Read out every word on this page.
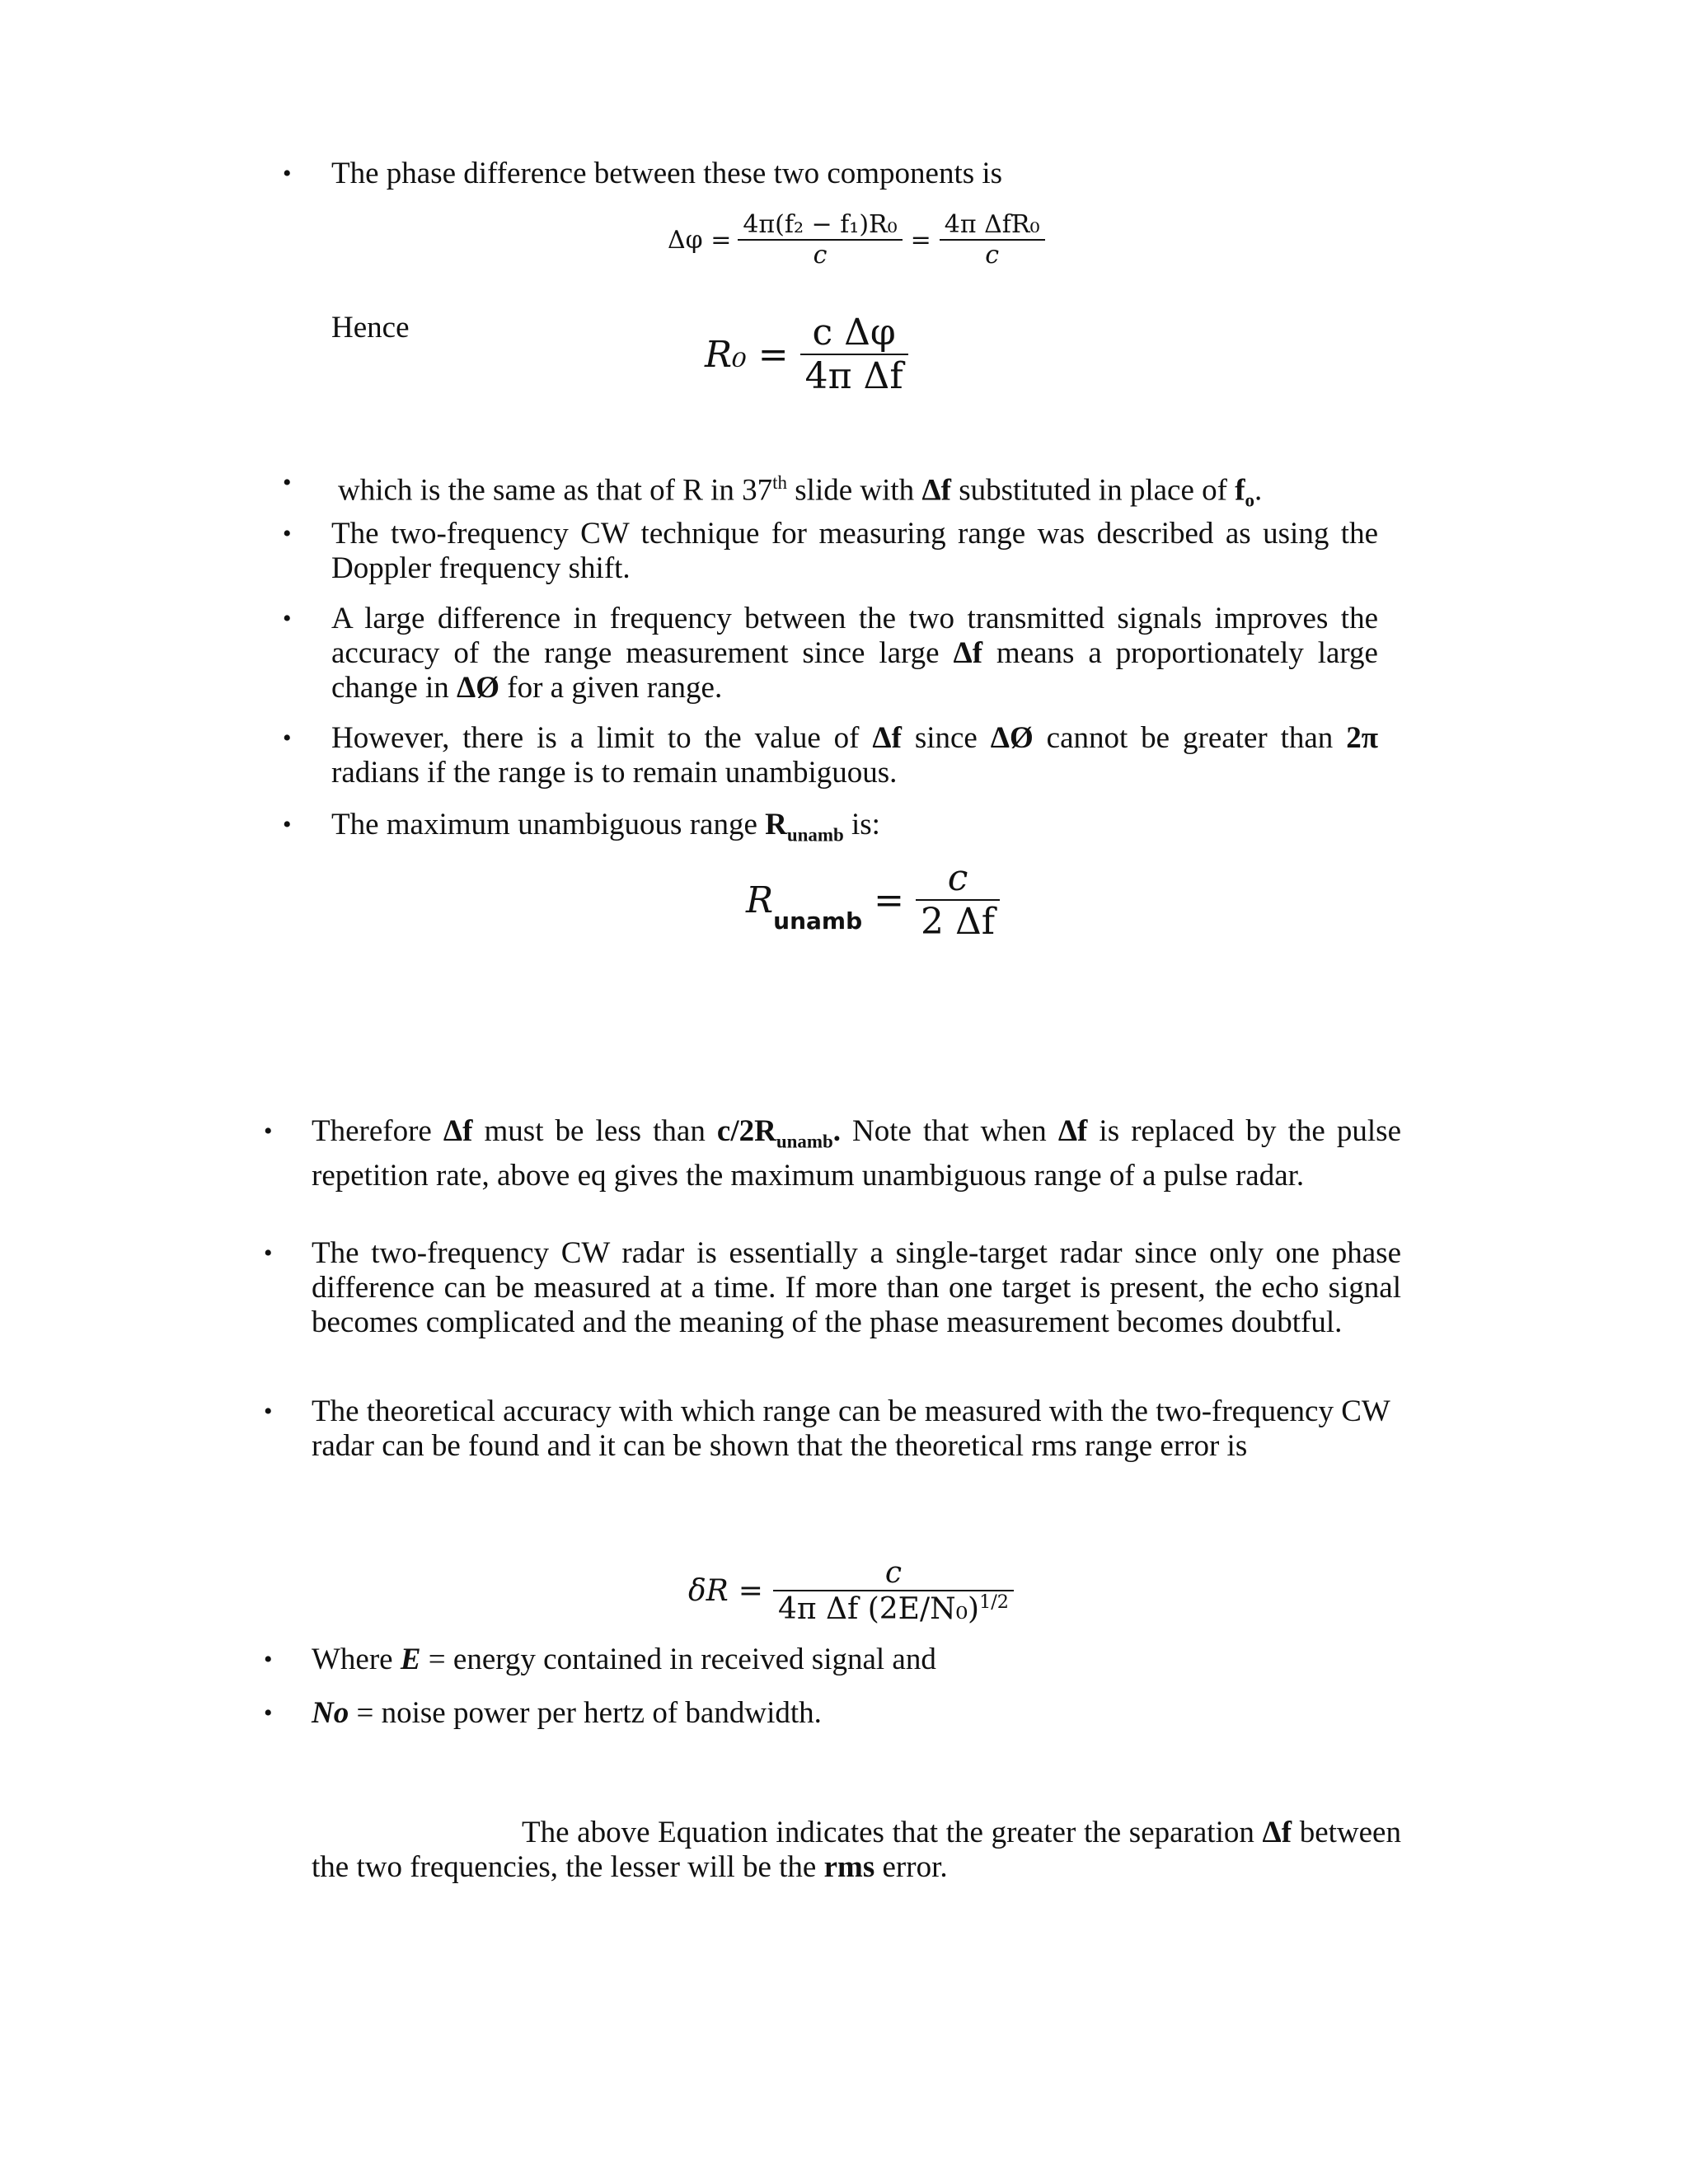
• The phase difference between these two components is
$\Delta\varphi = \frac{\text{4π(f₂ − f₁)R₀}}{c} = \frac{\text{4π ΔfR₀}}{c}$
Hence
$R_0 = \frac{\text{c Δφ}}{\text{4π Δf}}$
• which is the same as that of R in 37th slide with Δf substituted in place of $f_o$.
• The two-frequency CW technique for measuring range was described as using the Doppler frequency shift.
• A large difference in frequency between the two transmitted signals improves the accuracy of the range measurement since large Δf means a proportionately large change in ΔØ for a given range.
• However, there is a limit to the value of Δf since ΔØ cannot be greater than 2π radians if the range is to remain unambiguous.
• The maximum unambiguous range $R_{unamb}$ is:
R unamb = $\frac{c}{2 \Delta f}$
• Therefore Δf must be less than $c/2R_{unamb}$. Note that when Δf is replaced by the pulse repetition rate, above eq gives the maximum unambiguous range of a pulse radar.
• The two-frequency CW radar is essentially a single-target radar since only one phase difference can be measured at a time. If more than one target is present, the echo signal becomes complicated and the meaning of the phase measurement becomes doubtful.
• The theoretical accuracy with which range can be measured with the two-frequency CW radar can be found and it can be shown that the theoretical rms range error is
$\delta R = \frac{c}{4\pi \Delta f (2E/N_0)^{1/2}}$
• Where E = energy contained in received signal and
• No = noise power per hertz of bandwidth.
The above Equation indicates that the greater the separation Δf between the two frequencies, the lesser will be the rms error.
